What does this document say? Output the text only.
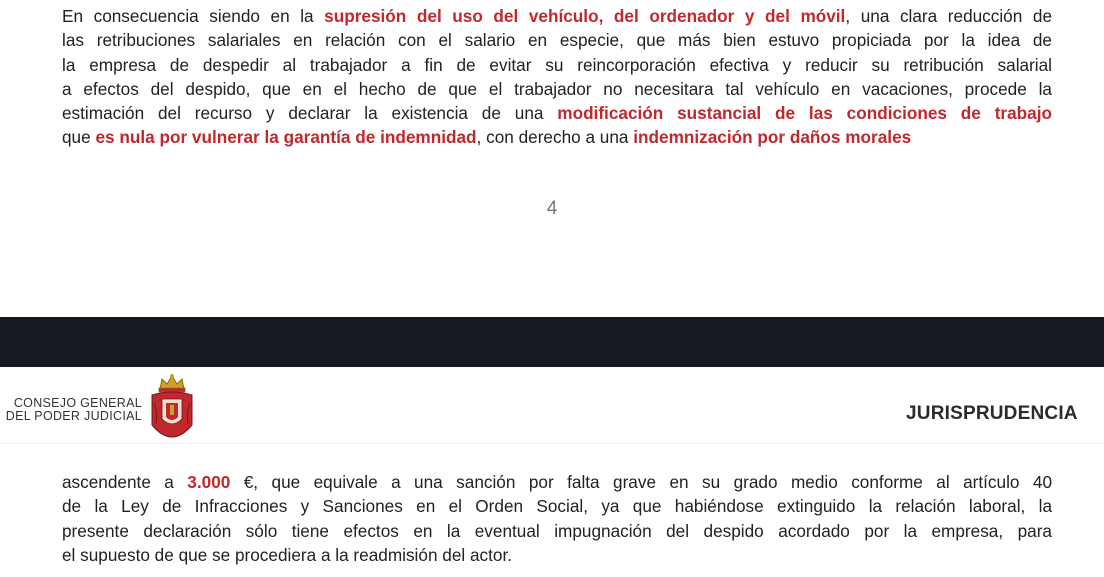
En consecuencia siendo en la supresión del uso del vehículo, del ordenador y del móvil, una clara reducción de
las retribuciones salariales en relación con el salario en especie, que más bien estuvo propiciada por la idea de
la empresa de despedir al trabajador a fin de evitar su reincorporación efectiva y reducir su retribución salarial
a efectos del despido, que en el hecho de que el trabajador no necesitara tal vehículo en vacaciones, procede la
estimación del recurso y declarar la existencia de una modificación sustancial de las condiciones de trabajo
que es nula por vulnerar la garantía de indemnidad, con derecho a una indemnización por daños morales
4
CONSEJO GENERAL
DEL PODER JUDICIAL	JURISPRUDENCIA
ascendente a 3.000 €, que equivale a una sanción por falta grave en su grado medio conforme al artículo 40
de la Ley de Infracciones y Sanciones en el Orden Social, ya que habiéndose extinguido la relación laboral, la
presente declaración sólo tiene efectos en la eventual impugnación del despido acordado por la empresa, para
el supuesto de que se procediera a la readmisión del actor.
